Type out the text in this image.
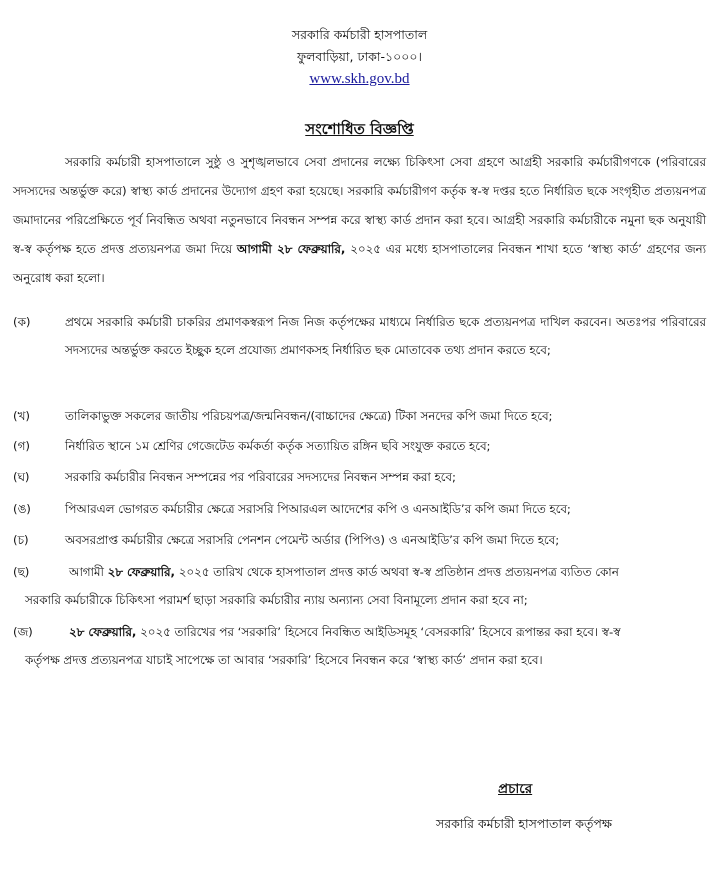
সরকারি কর্মচারী হাসপাতাল
ফুলবাড়িয়া, ঢাকা-১০০০।
www.skh.gov.bd
সংশোধিত বিজ্ঞপ্তি
সরকারি কর্মচারী হাসপাতালে সুষ্ঠু ও সুশৃঙ্খলভাবে সেবা প্রদানের লক্ষ্যে চিকিৎসা সেবা গ্রহণে আগ্রহী সরকারি কর্মচারীগণকে (পরিবারের সদস্যদের অন্তর্ভুক্ত করে) স্বাস্থ্য কার্ড প্রদানের উদ্যোগ গ্রহণ করা হয়েছে। সরকারি কর্মচারীগণ কর্তৃক স্ব-স্ব দপ্তর হতে নির্ধারিত ছকে সংগৃহীত প্রত্যয়নপত্র জমাদানের পরিপ্রেক্ষিতে পূর্ব নিবন্ধিত অথবা নতুনভাবে নিবন্ধন সম্পন্ন করে স্বাস্থ্য কার্ড প্রদান করা হবে। আগ্রহী সরকারি কর্মচারীকে নমুনা ছক অনুযায়ী স্ব-স্ব কর্তৃপক্ষ হতে প্রদত্ত প্রত্যয়নপত্র জমা দিয়ে আগামী ২৮ ফেব্রুয়ারি, ২০২৫ এর মধ্যে হাসপাতালের নিবন্ধন শাখা হতে ‘স্বাস্থ্য কার্ড’ গ্রহণের জন্য অনুরোধ করা হলো।
(ক)	প্রথমে সরকারি কর্মচারী চাকরির প্রমাণকস্বরূপ নিজ নিজ কর্তৃপক্ষের মাধ্যমে নির্ধারিত ছকে প্রত্যয়নপত্র দাখিল করবেন। অতঃপর পরিবারের সদস্যদের অন্তর্ভুক্ত করতে ইচ্ছুক হলে প্রযোজ্য প্রমাণকসহ নির্ধারিত ছক মোতাবেক তথ্য প্রদান করতে হবে;
(খ)	তালিকাভুক্ত সকলের জাতীয় পরিচয়পত্র/জন্মনিবন্ধন/(বাচ্চাদের ক্ষেত্রে) টিকা সনদের কপি জমা দিতে হবে;
(গ)	নির্ধারিত স্থানে ১ম শ্রেণির গেজেটেড কর্মকর্তা কর্তৃক সত্যায়িত রঙ্গিন ছবি সংযুক্ত করতে হবে;
(ঘ)	সরকারি কর্মচারীর নিবন্ধন সম্পন্নের পর পরিবারের সদস্যদের নিবন্ধন সম্পন্ন করা হবে;
(ঙ)	পিআরএল ভোগরত কর্মচারীর ক্ষেত্রে সরাসরি পিআরএল আদেশের কপি ও এনআইডি’র কপি জমা দিতে হবে;
(চ)	অবসরপ্রাপ্ত কর্মচারীর ক্ষেত্রে সরাসরি পেনশন পেমেন্ট অর্ডার (পিপিও) ও এনআইডি’র কপি জমা দিতে হবে;
(ছ)	আগামী ২৮ ফেব্রুয়ারি, ২০২৫ তারিখ থেকে হাসপাতাল প্রদত্ত কার্ড অথবা স্ব-স্ব প্রতিষ্ঠান প্রদত্ত প্রত্যয়নপত্র ব্যতিত কোন
সরকারি কর্মচারীকে চিকিৎসা পরামর্শ ছাড়া সরকারি কর্মচারীর ন্যায় অন্যান্য সেবা বিনামূল্যে প্রদান করা হবে না;
(জ)	২৮ ফেব্রুয়ারি, ২০২৫ তারিখের পর ‘সরকারি’ হিসেবে নিবন্ধিত আইডিসমূহ ‘বেসরকারি’ হিসেবে রূপান্তর করা হবে। স্ব-স্ব
কর্তৃপক্ষ প্রদত্ত প্রত্যয়নপত্র যাচাই সাপেক্ষে তা আবার ‘সরকারি’ হিসেবে নিবন্ধন করে ‘স্বাস্থ্য কার্ড’ প্রদান করা হবে।
প্রচারে
সরকারি কর্মচারী হাসপাতাল কর্তৃপক্ষ
